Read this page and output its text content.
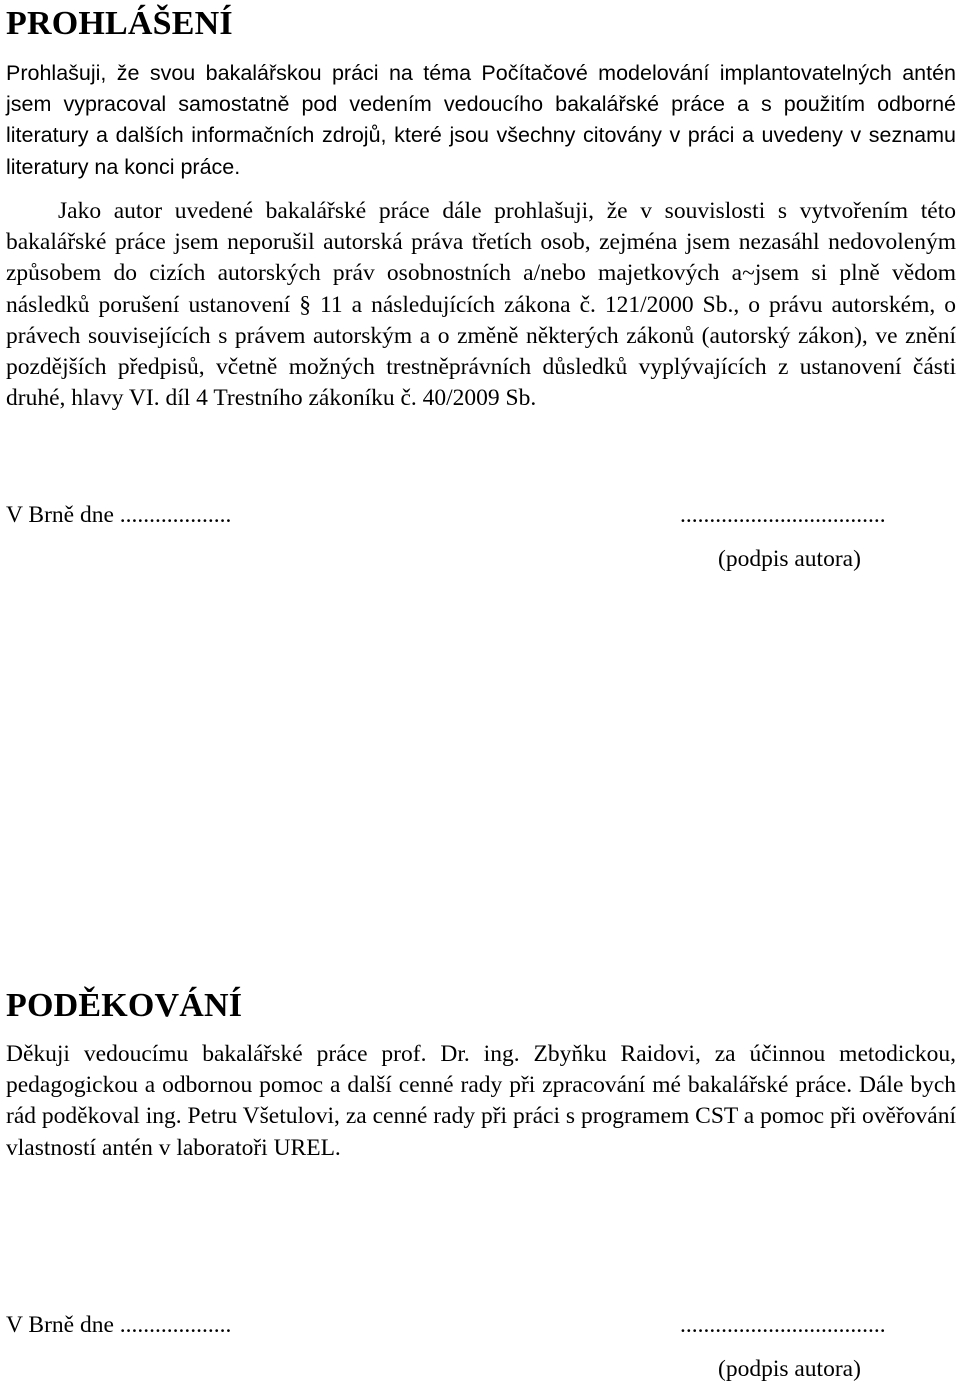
PROHLÁŠENÍ

Prohlašuji, že svou bakalářskou práci na téma Počítačové modelování implantovatelných antén jsem vypracoval samostatně pod vedením vedoucího bakalářské práce a s použitím odborné literatury a dalších informačních zdrojů, které jsou všechny citovány v práci a uvedeny v seznamu literatury na konci práce.

Jako autor uvedené bakalářské práce dále prohlašuji, že v souvislosti s vytvořením této bakalářské práce jsem neporušil autorská práva třetích osob, zejména jsem nezasáhl nedovoleným způsobem do cizích autorských práv osobnostních a/nebo majetkových a~jsem si plně vědom následků porušení ustanovení § 11 a následujících zákona č. 121/2000 Sb., o právu autorském, o právech souvisejících s právem autorským a o změně některých zákonů (autorský zákon), ve znění pozdějších předpisů, včetně možných trestněprávních důsledků vyplývajících z ustanovení části druhé, hlavy VI. díl 4 Trestního zákoníku č. 40/2009 Sb.

V Brně dne ...................	...................................
(podpis autora)
PODĚKOVÁNÍ

Děkuji vedoucímu bakalářské práce prof. Dr. ing. Zbyňku Raidovi, za účinnou metodickou, pedagogickou a odbornou pomoc a další cenné rady při zpracování mé bakalářské práce. Dále bych rád poděkoval ing. Petru Všetulovi, za cenné rady při práci s programem CST a pomoc při ověřování vlastností antén v laboratoři UREL.

V Brně dne ...................	...................................
(podpis autora)
